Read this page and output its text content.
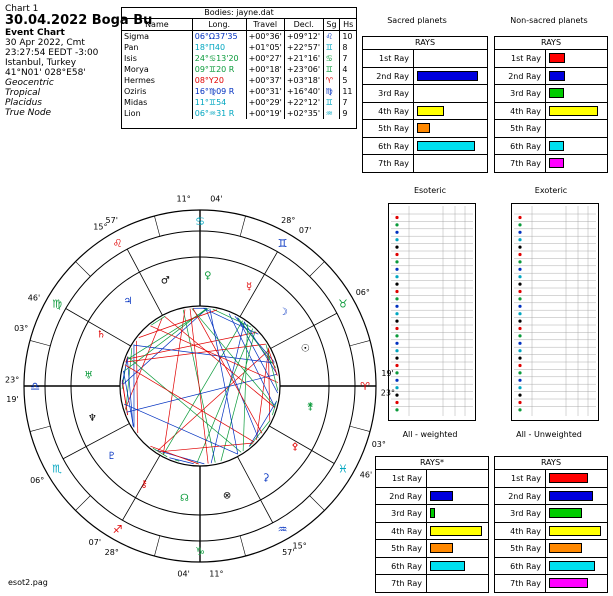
Chart 1
30.04.2022 Boga Bu
Event Chart
30 Apr 2022, Cmt
23:27:54 EEDT -3:00
Istanbul, Turkey
41°N01' 028°E58'
Geocentric
Tropical
Placidus
True Node
Bodies: jayne.dat
Name	Long.	Travel	Decl.	Sg	Hs
Sigma	06°Ω37'35	+00°36'	+09°12'	♌	10
Pan	18°Π40	+01°05'	+22°57'	♊	8
Isis	24°♋13'20	+00°27'	+21°16'	♋	7
Morya	09°♊20 R	+00°18'	+23°06'	♊	4
Hermes	08°Υ20	+00°37'	+03°18'	♈	5
Oziris	16°♍09 R	+00°31'	+16°40'	♍	11
Midas	11°♊54	+00°29'	+22°12'	♊	7
Lion	06°♒31 R	+00°19'	+02°35'	♒	9
Sacred planets	Non-sacred planets
RAYS
1st Ray
2nd Ray
3rd Ray
4th Ray
5th Ray
6th Ray
7th Ray
RAYS
1st Ray
2nd Ray
3rd Ray
4th Ray
5th Ray
6th Ray
7th Ray
Esoteric	Exoteric
All - weighted	All - Unweighted
RAYS*
1st Ray
2nd Ray
3rd Ray
4th Ray
5th Ray
6th Ray
7th Ray
RAYS
1st Ray
2nd Ray
3rd Ray
4th Ray
5th Ray
6th Ray
7th Ray
♈
♉
♊
♋
♌
♍
♎
♏
♐
♑
♒
♓
☉
☽
☿
♀
♂
♃
♄
♅
♆
♇
⚷
☊	⊗
⚳
⚴
⚵
11° 04'
57'
15°
46'
03°
23°
19'
23°
19'
03°
46'
15°
57'
11°
04'
28°
07'
28°
07'
06°
06°
esot2.pag
